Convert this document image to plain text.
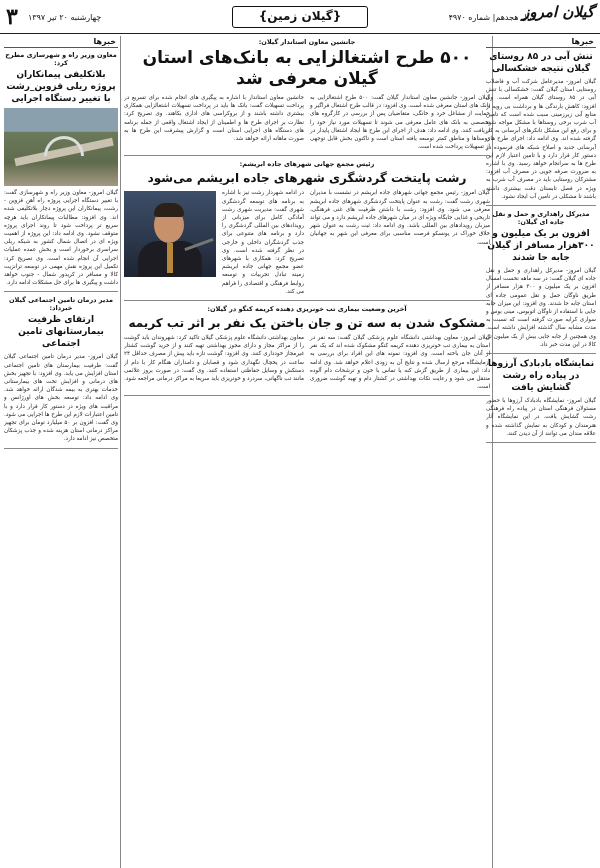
۳ چهارشنبه ۲۰ تیر ۱۳۹۷	{گیلان زمین}	سال هجدهم| شماره ۴۹۷۰
گیلان امروز
خبرها
تنش آبی در ۸۵ روستای گیلان نتیجه خشکسالی
گیلان امروز- مدیرعامل شرکت آب و فاضلاب روستایی استان گیلان گفت: خشکسالی با تنش آبی در ۸۵ روستای گیلان همراه است. وی افزود: کاهش بارندگی ها و برداشت بی رویه از منابع آبی زیرزمینی سبب شده است که تامین آب شرب برخی روستاها با مشکل مواجه شود و برای رفع این مشکل تانکرهای آبرسانی به کار گرفته شده اند. وی ادامه داد: اجرای طرح های آبرسانی جدید و اصلاح شبکه های فرسوده در دستور کار قرار دارد و با تامین اعتبار لازم این طرح ها به سرانجام خواهد رسید. وی با اشاره به ضرورت صرفه جویی در مصرف آب افزود: مشترکان روستایی باید در مصرف آب شرب به ویژه در فصل تابستان دقت بیشتری داشته باشند تا مشکلی در تامین آب ایجاد نشود.
مدیرکل راهداری و حمل و نقل جاده ای گیلان:
افزون بر یک میلیون و ۳۰۰هزار مسافر از گیلان جابه جا شدند
گیلان امروز- مدیرکل راهداری و حمل و نقل جاده ای گیلان گفت: در سه ماهه نخست امسال افزون بر یک میلیون و ۳۰۰ هزار مسافر از طریق ناوگان حمل و نقل عمومی جاده ای استان جابه جا شدند. وی افزود: این میزان جابه جایی با استفاده از ناوگان اتوبوس، مینی بوس و سواری کرایه صورت گرفته است که نسبت به مدت مشابه سال گذشته افزایش داشته است. وی همچنین از جابه جایی بیش از یک میلیون تن کالا در این مدت خبر داد.
نمایشگاه بادبادک آرزوها در پیاده راه رشت گشایش یافت
گیلان امروز- نمایشگاه بادبادک آرزوها با حضور مسئولان فرهنگی استان در پیاده راه فرهنگی رشت گشایش یافت. در این نمایشگاه آثار هنرمندان و کودکان به نمایش گذاشته شده و علاقه مندان می توانند از آن دیدن کنند.
جانشین معاون استاندار گیلان:
۵۰۰ طرح اشتغالزایی به بانک‌های استان گیلان معرفی شد
گیلان امروز- جانشین معاون استاندار گیلان گفت: ۵۰۰ طرح اشتغالزایی به بانک های استان معرفی شده است. وی افزود: در قالب طرح اشتغال فراگیر و حمایت از مشاغل خرد و خانگی، متقاضیان پس از بررسی در کارگروه های تخصصی به بانک های عامل معرفی می شوند تا تسهیلات مورد نیاز خود را دریافت کنند. وی ادامه داد: هدف از اجرای این طرح ها ایجاد اشتغال پایدار در روستاها و مناطق کمتر توسعه یافته استان است و تاکنون بخش قابل توجهی از تسهیلات پرداخت شده است.
جانشین معاون استاندار با اشاره به پیگیری های انجام شده برای تسریع در پرداخت تسهیلات گفت: بانک ها باید در پرداخت تسهیلات اشتغالزایی همکاری بیشتری داشته باشند و از بروکراسی های اداری بکاهند. وی تصریح کرد: نظارت بر اجرای طرح ها و اطمینان از ایجاد اشتغال واقعی از جمله برنامه های دستگاه های اجرایی استان است و گزارش پیشرفت این طرح ها به صورت ماهانه ارائه خواهد شد.
رئیس مجمع جهانی شهرهای جاده ابریشم:
رشت پایتخت گردشگری شهرهای جاده ابریشم می‌شود
گیلان امروز- رئیس مجمع جهانی شهرهای جاده ابریشم در نشست با مدیران شهری رشت گفت: رشت به عنوان پایتخت گردشگری شهرهای جاده ابریشم معرفی می شود. وی افزود: رشت با داشتن ظرفیت های غنی فرهنگی، تاریخی و غذایی جایگاه ویژه ای در میان شهرهای جاده ابریشم دارد و می تواند میزبان رویدادهای بین المللی باشد. وی ادامه داد: ثبت رشت به عنوان شهر خلاق خوراک در یونسکو فرصت مناسبی برای معرفی این شهر به جهانیان است.
در ادامه شهردار رشت نیز با اشاره به برنامه های توسعه گردشگری شهری گفت: مدیریت شهری رشت آمادگی کامل برای میزبانی از رویدادهای بین المللی گردشگری را دارد و برنامه های متنوعی برای جذب گردشگران داخلی و خارجی در نظر گرفته شده است. وی تصریح کرد: همکاری با شهرهای عضو مجمع جهانی جاده ابریشم زمینه تبادل تجربیات و توسعه روابط فرهنگی و اقتصادی را فراهم می کند.
آخرین وضعیت بیماری تب خونریزی دهنده کریمه کنگو در گیلان:
مشکوک شدن به سه تن و جان باختن یک نفر بر اثر تب کریمه
گیلان امروز- معاون بهداشتی دانشگاه علوم پزشکی گیلان گفت: سه نفر در استان به بیماری تب خونریزی دهنده کریمه کنگو مشکوک شده اند که یک نفر از آنان جان باخته است. وی افزود: نمونه های این افراد برای بررسی به آزمایشگاه مرجع ارسال شده و نتایج آن به زودی اعلام خواهد شد. وی ادامه داد: این بیماری از طریق گزش کنه یا تماس با خون و ترشحات دام آلوده منتقل می شود و رعایت نکات بهداشتی در کشتار دام و تهیه گوشت ضروری است.
معاون بهداشتی دانشگاه علوم پزشکی گیلان تاکید کرد: شهروندان باید گوشت را از مراکز مجاز و دارای مجوز بهداشتی تهیه کنند و از خرید گوشت کشتار غیرمجاز خودداری کنند. وی افزود: گوشت تازه باید پیش از مصرف حداقل ۲۴ ساعت در یخچال نگهداری شود و قصابان و دامداران هنگام کار با دام از دستکش و وسایل حفاظتی استفاده کنند. وی گفت: در صورت بروز علائمی مانند تب ناگهانی، سردرد و خونریزی باید سریعا به مراکز درمانی مراجعه شود.
خبرها
معاون وزیر راه و شهرسازی مطرح کرد:
بلاتکلیفی پیمانکاران پروژه ریلی قزوین_رشت با تغییر دستگاه اجرایی
گیلان امروز- معاون وزیر راه و شهرسازی گفت: با تغییر دستگاه اجرایی پروژه راه آهن قزوین - رشت، پیمانکاران این پروژه دچار بلاتکلیفی شده اند. وی افزود: مطالبات پیمانکاران باید هرچه سریع تر پرداخت شود تا روند اجرای پروژه متوقف نشود. وی ادامه داد: این پروژه از اهمیت ویژه ای در اتصال شمال کشور به شبکه ریلی سراسری برخوردار است و بخش عمده عملیات اجرایی آن انجام شده است. وی تصریح کرد: تکمیل این پروژه نقش مهمی در توسعه ترانزیت کالا و مسافر در کریدور شمال - جنوب خواهد داشت و پیگیری ها برای حل مشکلات ادامه دارد.
مدیر درمان تامین اجتماعی گیلان خبرداد:
ارتقای ظرفیت بیمارستانهای تامین اجتماعی
گیلان امروز- مدیر درمان تامین اجتماعی گیلان گفت: ظرفیت بیمارستان های تامین اجتماعی استان افزایش می یابد. وی افزود: با تجهیز بخش های درمانی و افزایش تخت های بیمارستانی خدمات بهتری به بیمه شدگان ارائه خواهد شد. وی ادامه داد: توسعه بخش های اورژانس و مراقبت های ویژه در دستور کار قرار دارد و با تامین اعتبارات لازم این طرح ها اجرایی می شود. وی گفت: افزون بر ۵۰ میلیارد تومان برای تجهیز مراکز درمانی استان هزینه شده و جذب پزشکان متخصص نیز ادامه دارد.
